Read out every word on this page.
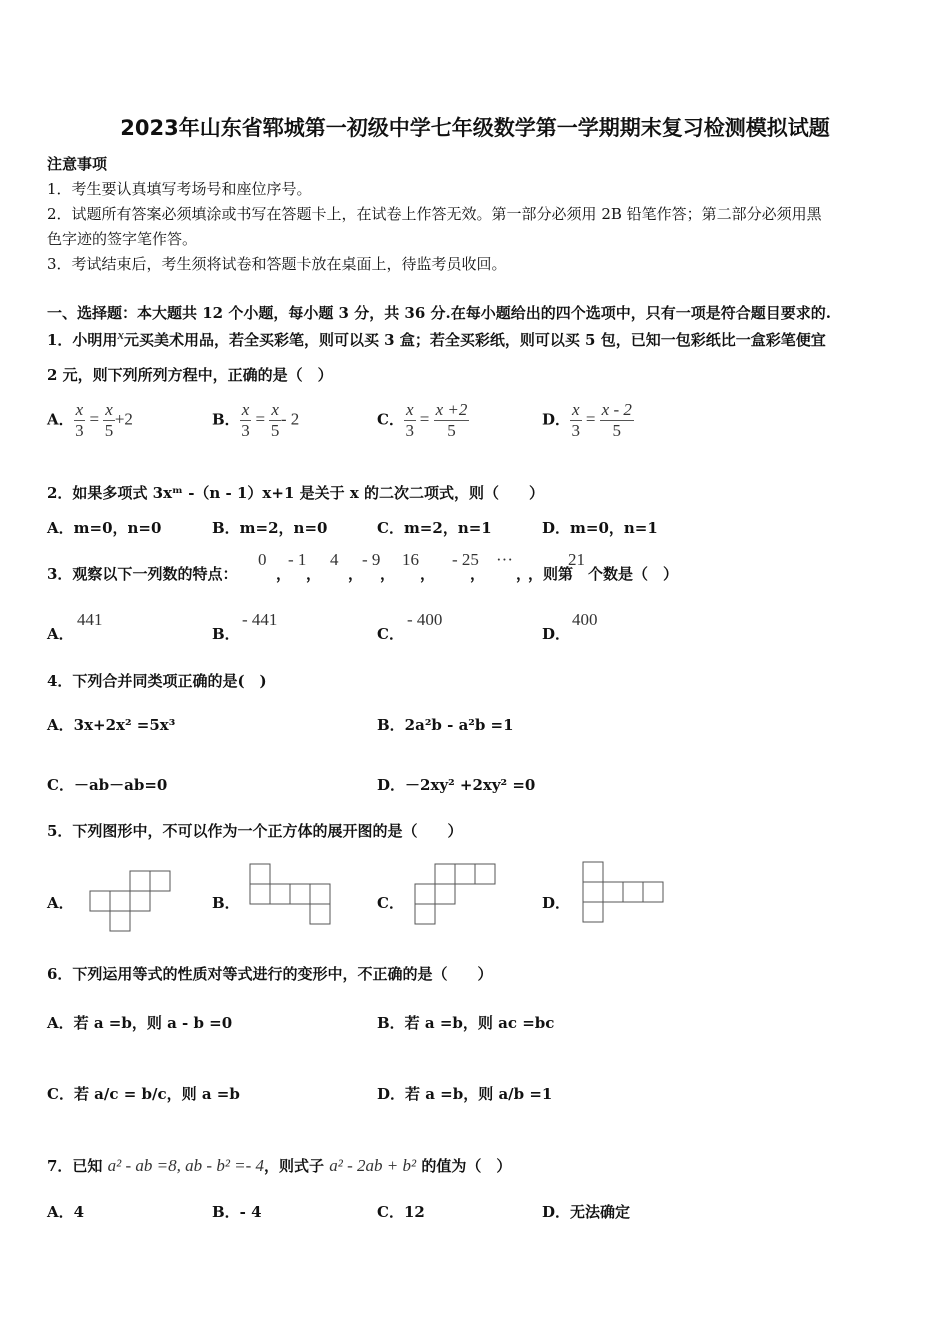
2023年山东省郓城第一初级中学七年级数学第一学期期末复习检测模拟试题
注意事项
1．考生要认真填写考场号和座位序号。
2．试题所有答案必须填涂或书写在答题卡上，在试卷上作答无效。第一部分必须用 2B 铅笔作答；第二部分必须用黑
色字迹的签字笔作答。
3．考试结束后，考生须将试卷和答题卡放在桌面上，待监考员收回。
一、选择题：本大题共 12 个小题，每小题 3 分，共 36 分.在每小题给出的四个选项中，只有一项是符合题目要求的.
1．小明用$^x$元买美术用品，若全买彩笔，则可以买 3 盒；若全买彩纸，则可以买 5 包，已知一包彩纸比一盒彩笔便宜
2 元，则下列所列方程中，正确的是（　）
A． $\frac{x}{3} = \frac{x}{5} +2$	B． $\frac{x}{3} = \frac{x}{5} - 2$	C． $\frac{x}{3} = \frac{x +2}{5}$	D． $\frac{x}{3} = \frac{x - 2}{5}$
2．如果多项式 3xᵐ -（n - 1）x+1 是关于 x 的二次二项式，则（　　）
A．m=0，n=0	B．m=2，n=0	C．m=2，n=1	D．m=0，n=1
3．观察以下一列数的特点：
0
，
- 1
，
4
，
- 9
，
16
，
- 25
，
···
，
21
，则第 个数是（　）
A．
441
B．
- 441
C．
- 400
D．
400
4．下列合并同类项正确的是(　)
A．3x+2x² =5x³	B．2a²b - a²b =1
C．－ab－ab=0	D．－2xy² +2xy² =0
5．下列图形中，不可以作为一个正方体的展开图的是（　　）
A．	B．	C．	D．
6．下列运用等式的性质对等式进行的变形中，不正确的是（　　）
A．若 a =b，则 a - b =0	B．若 a =b，则 ac =bc
C．若 a/c = b/c，则 a =b	D．若 a =b，则 a/b =1
7．已知 a² - ab =8, ab - b² =- 4，则式子 a² - 2ab + b² 的值为（　）
A．4	B．- 4	C．12	D．无法确定
